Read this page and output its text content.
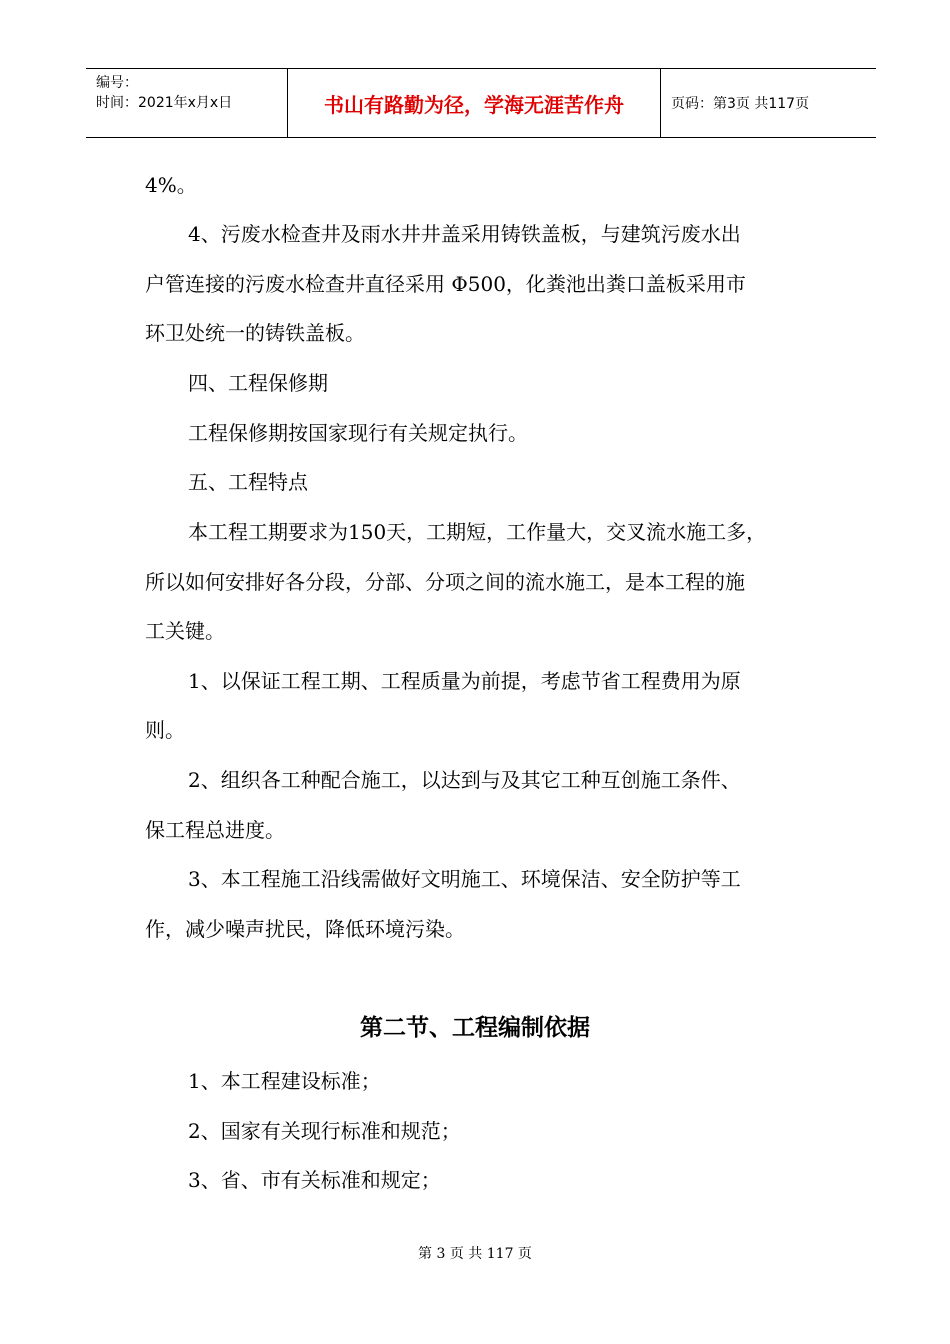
编号：
时间：2021年x月x日	书山有路勤为径，学海无涯苦作舟	页码：第3页 共117页
4%。
4、污废水检查井及雨水井井盖采用铸铁盖板，与建筑污废水出
户管连接的污废水检查井直径采用 Φ500，化粪池出粪口盖板采用市
环卫处统一的铸铁盖板。
四、工程保修期
工程保修期按国家现行有关规定执行。
五、工程特点
本工程工期要求为150天，工期短，工作量大，交叉流水施工多，
所以如何安排好各分段，分部、分项之间的流水施工，是本工程的施
工关键。
1、以保证工程工期、工程质量为前提，考虑节省工程费用为原
则。
2、组织各工种配合施工，以达到与及其它工种互创施工条件、
保工程总进度。
3、本工程施工沿线需做好文明施工、环境保洁、安全防护等工
作，减少噪声扰民，降低环境污染。
第二节、工程编制依据
1、本工程建设标准；
2、国家有关现行标准和规范；
3、省、市有关标准和规定；
第 3 页 共 117 页
